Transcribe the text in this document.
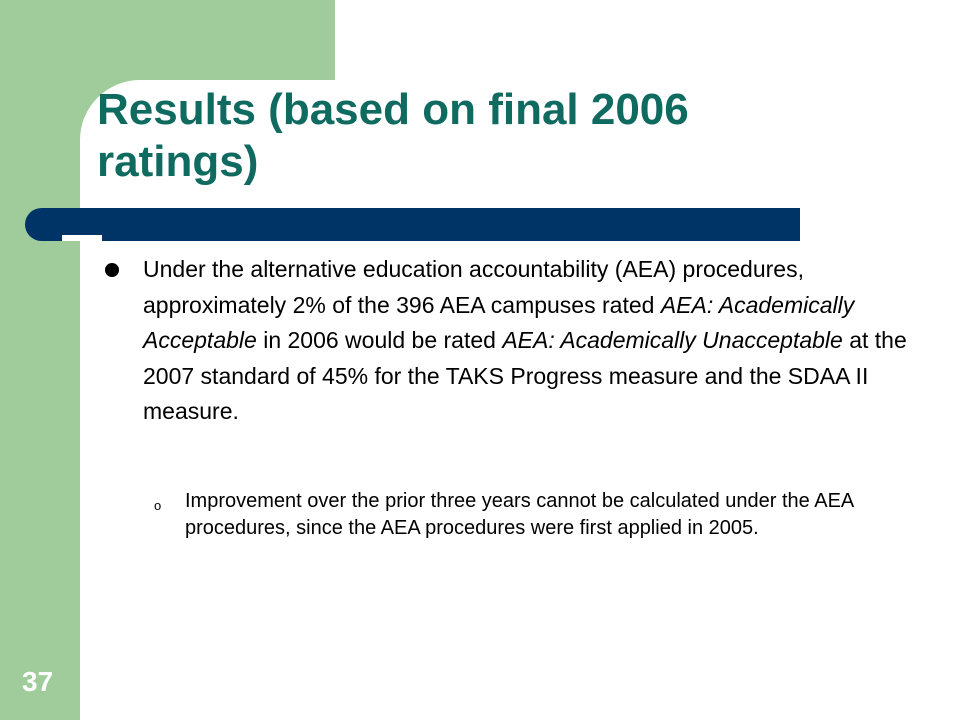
Results (based on final 2006 ratings)

Under the alternative education accountability (AEA) procedures, approximately 2% of the 396 AEA campuses rated AEA: Academically Acceptable in 2006 would be rated AEA: Academically Unacceptable at the 2007 standard of 45% for the TAKS Progress measure and the SDAA II measure.

o Improvement over the prior three years cannot be calculated under the AEA procedures, since the AEA procedures were first applied in 2005.

37
